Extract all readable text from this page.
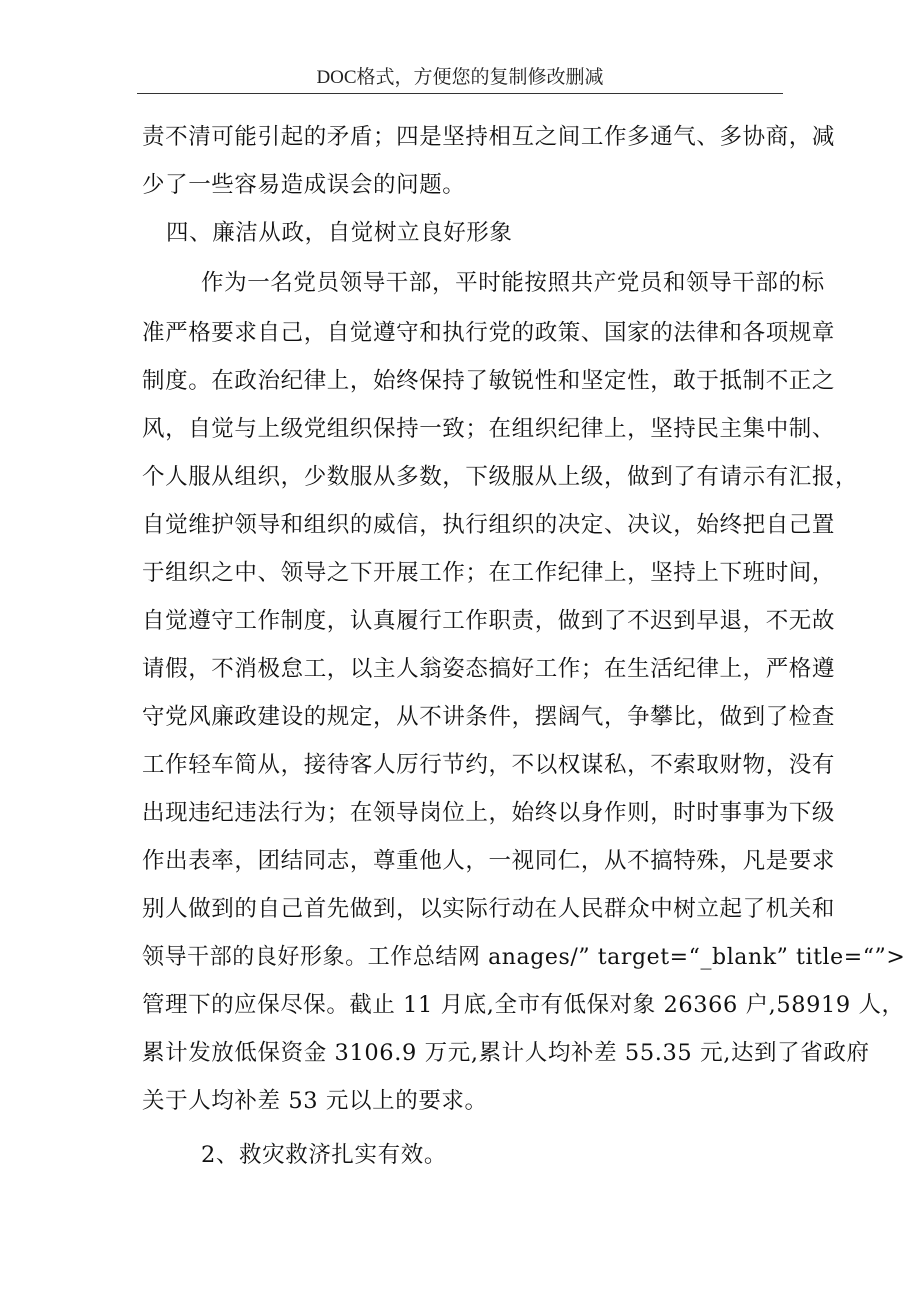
DOC格式，方便您的复制修改删减
责不清可能引起的矛盾；四是坚持相互之间工作多通气、多协商，减
少了一些容易造成误会的问题。
四、廉洁从政，自觉树立良好形象
作为一名党员领导干部，平时能按照共产党员和领导干部的标
准严格要求自己，自觉遵守和执行党的政策、国家的法律和各项规章
制度。在政治纪律上，始终保持了敏锐性和坚定性，敢于抵制不正之
风，自觉与上级党组织保持一致；在组织纪律上，坚持民主集中制、
个人服从组织，少数服从多数，下级服从上级，做到了有请示有汇报，
自觉维护领导和组织的威信，执行组织的决定、决议，始终把自己置
于组织之中、领导之下开展工作；在工作纪律上，坚持上下班时间，
自觉遵守工作制度，认真履行工作职责，做到了不迟到早退，不无故
请假，不消极怠工，以主人翁姿态搞好工作；在生活纪律上，严格遵
守党风廉政建设的规定，从不讲条件，摆阔气，争攀比，做到了检查
工作轻车简从，接待客人厉行节约，不以权谋私，不索取财物，没有
出现违纪违法行为；在领导岗位上，始终以身作则，时时事事为下级
作出表率，团结同志，尊重他人，一视同仁，从不搞特殊，凡是要求
别人做到的自己首先做到，以实际行动在人民群众中树立起了机关和
领导干部的良好形象。工作总结网 anages/” target=“_blank” title=“”>
管理下的应保尽保。截止 11 月底,全市有低保对象 26366 户,58919 人，
累计发放低保资金 3106.9 万元,累计人均补差 55.35 元,达到了省政府
关于人均补差 53 元以上的要求。
2、救灾救济扎实有效。
